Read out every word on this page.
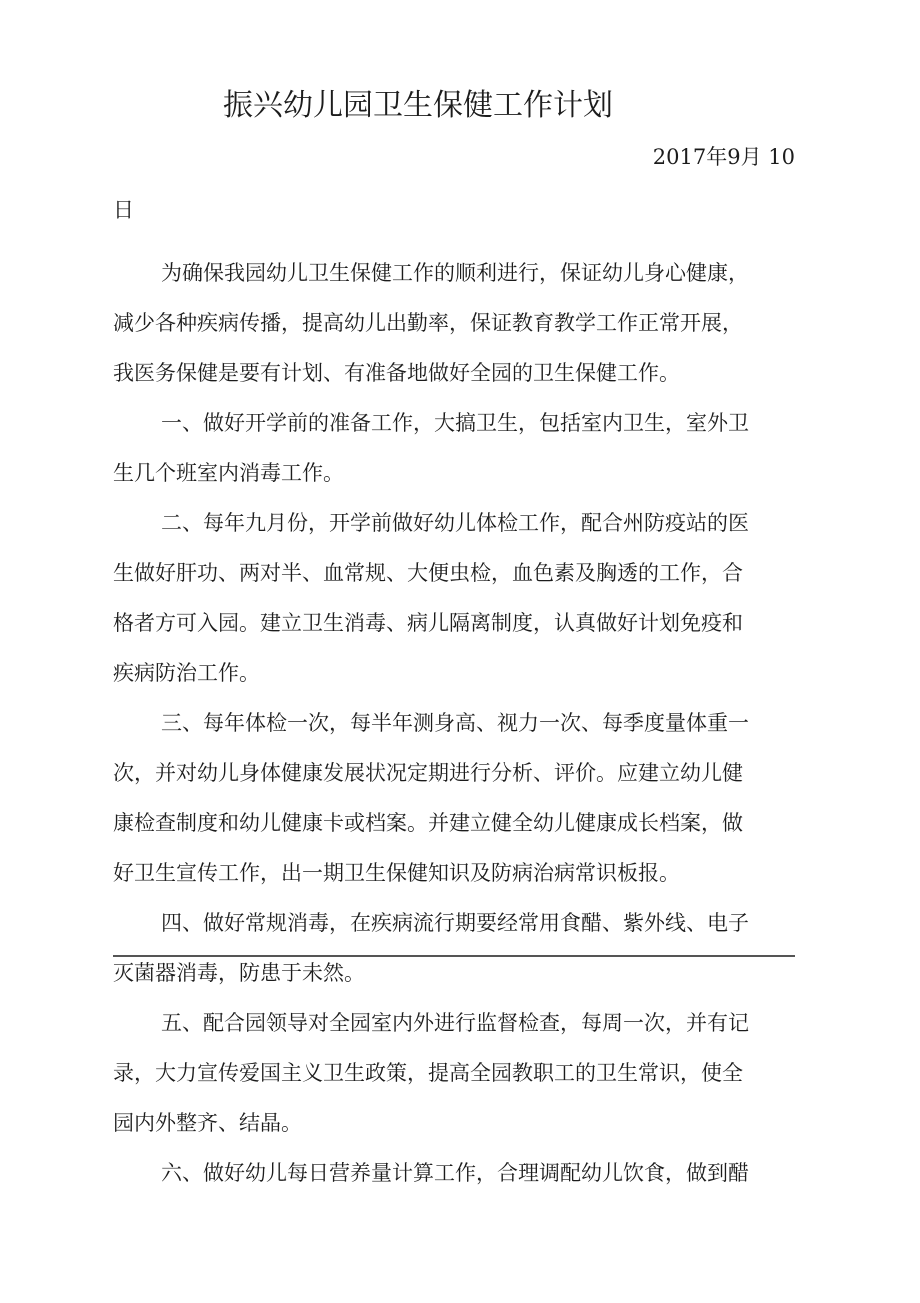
振兴幼儿园卫生保健工作计划
2017年9月 10
日
为确保我园幼儿卫生保健工作的顺利进行，保证幼儿身心健康，
减少各种疾病传播，提高幼儿出勤率，保证教育教学工作正常开展，
我医务保健是要有计划、有准备地做好全园的卫生保健工作。
一、做好开学前的准备工作，大搞卫生，包括室内卫生，室外卫
生几个班室内消毒工作。
二、每年九月份，开学前做好幼儿体检工作，配合州防疫站的医
生做好肝功、两对半、血常规、大便虫检，血色素及胸透的工作，合
格者方可入园。建立卫生消毒、病儿隔离制度，认真做好计划免疫和
疾病防治工作。
三、每年体检一次，每半年测身高、视力一次、每季度量体重一
次，并对幼儿身体健康发展状况定期进行分析、评价。应建立幼儿健
康检查制度和幼儿健康卡或档案。并建立健全幼儿健康成长档案，做
好卫生宣传工作，出一期卫生保健知识及防病治病常识板报。
四、做好常规消毒，在疾病流行期要经常用食醋、紫外线、电子
灭菌器消毒，防患于未然。
五、配合园领导对全园室内外进行监督检查，每周一次，并有记
录，大力宣传爱国主义卫生政策，提高全园教职工的卫生常识，使全
园内外整齐、结晶。
六、做好幼儿每日营养量计算工作，合理调配幼儿饮食，做到醋
